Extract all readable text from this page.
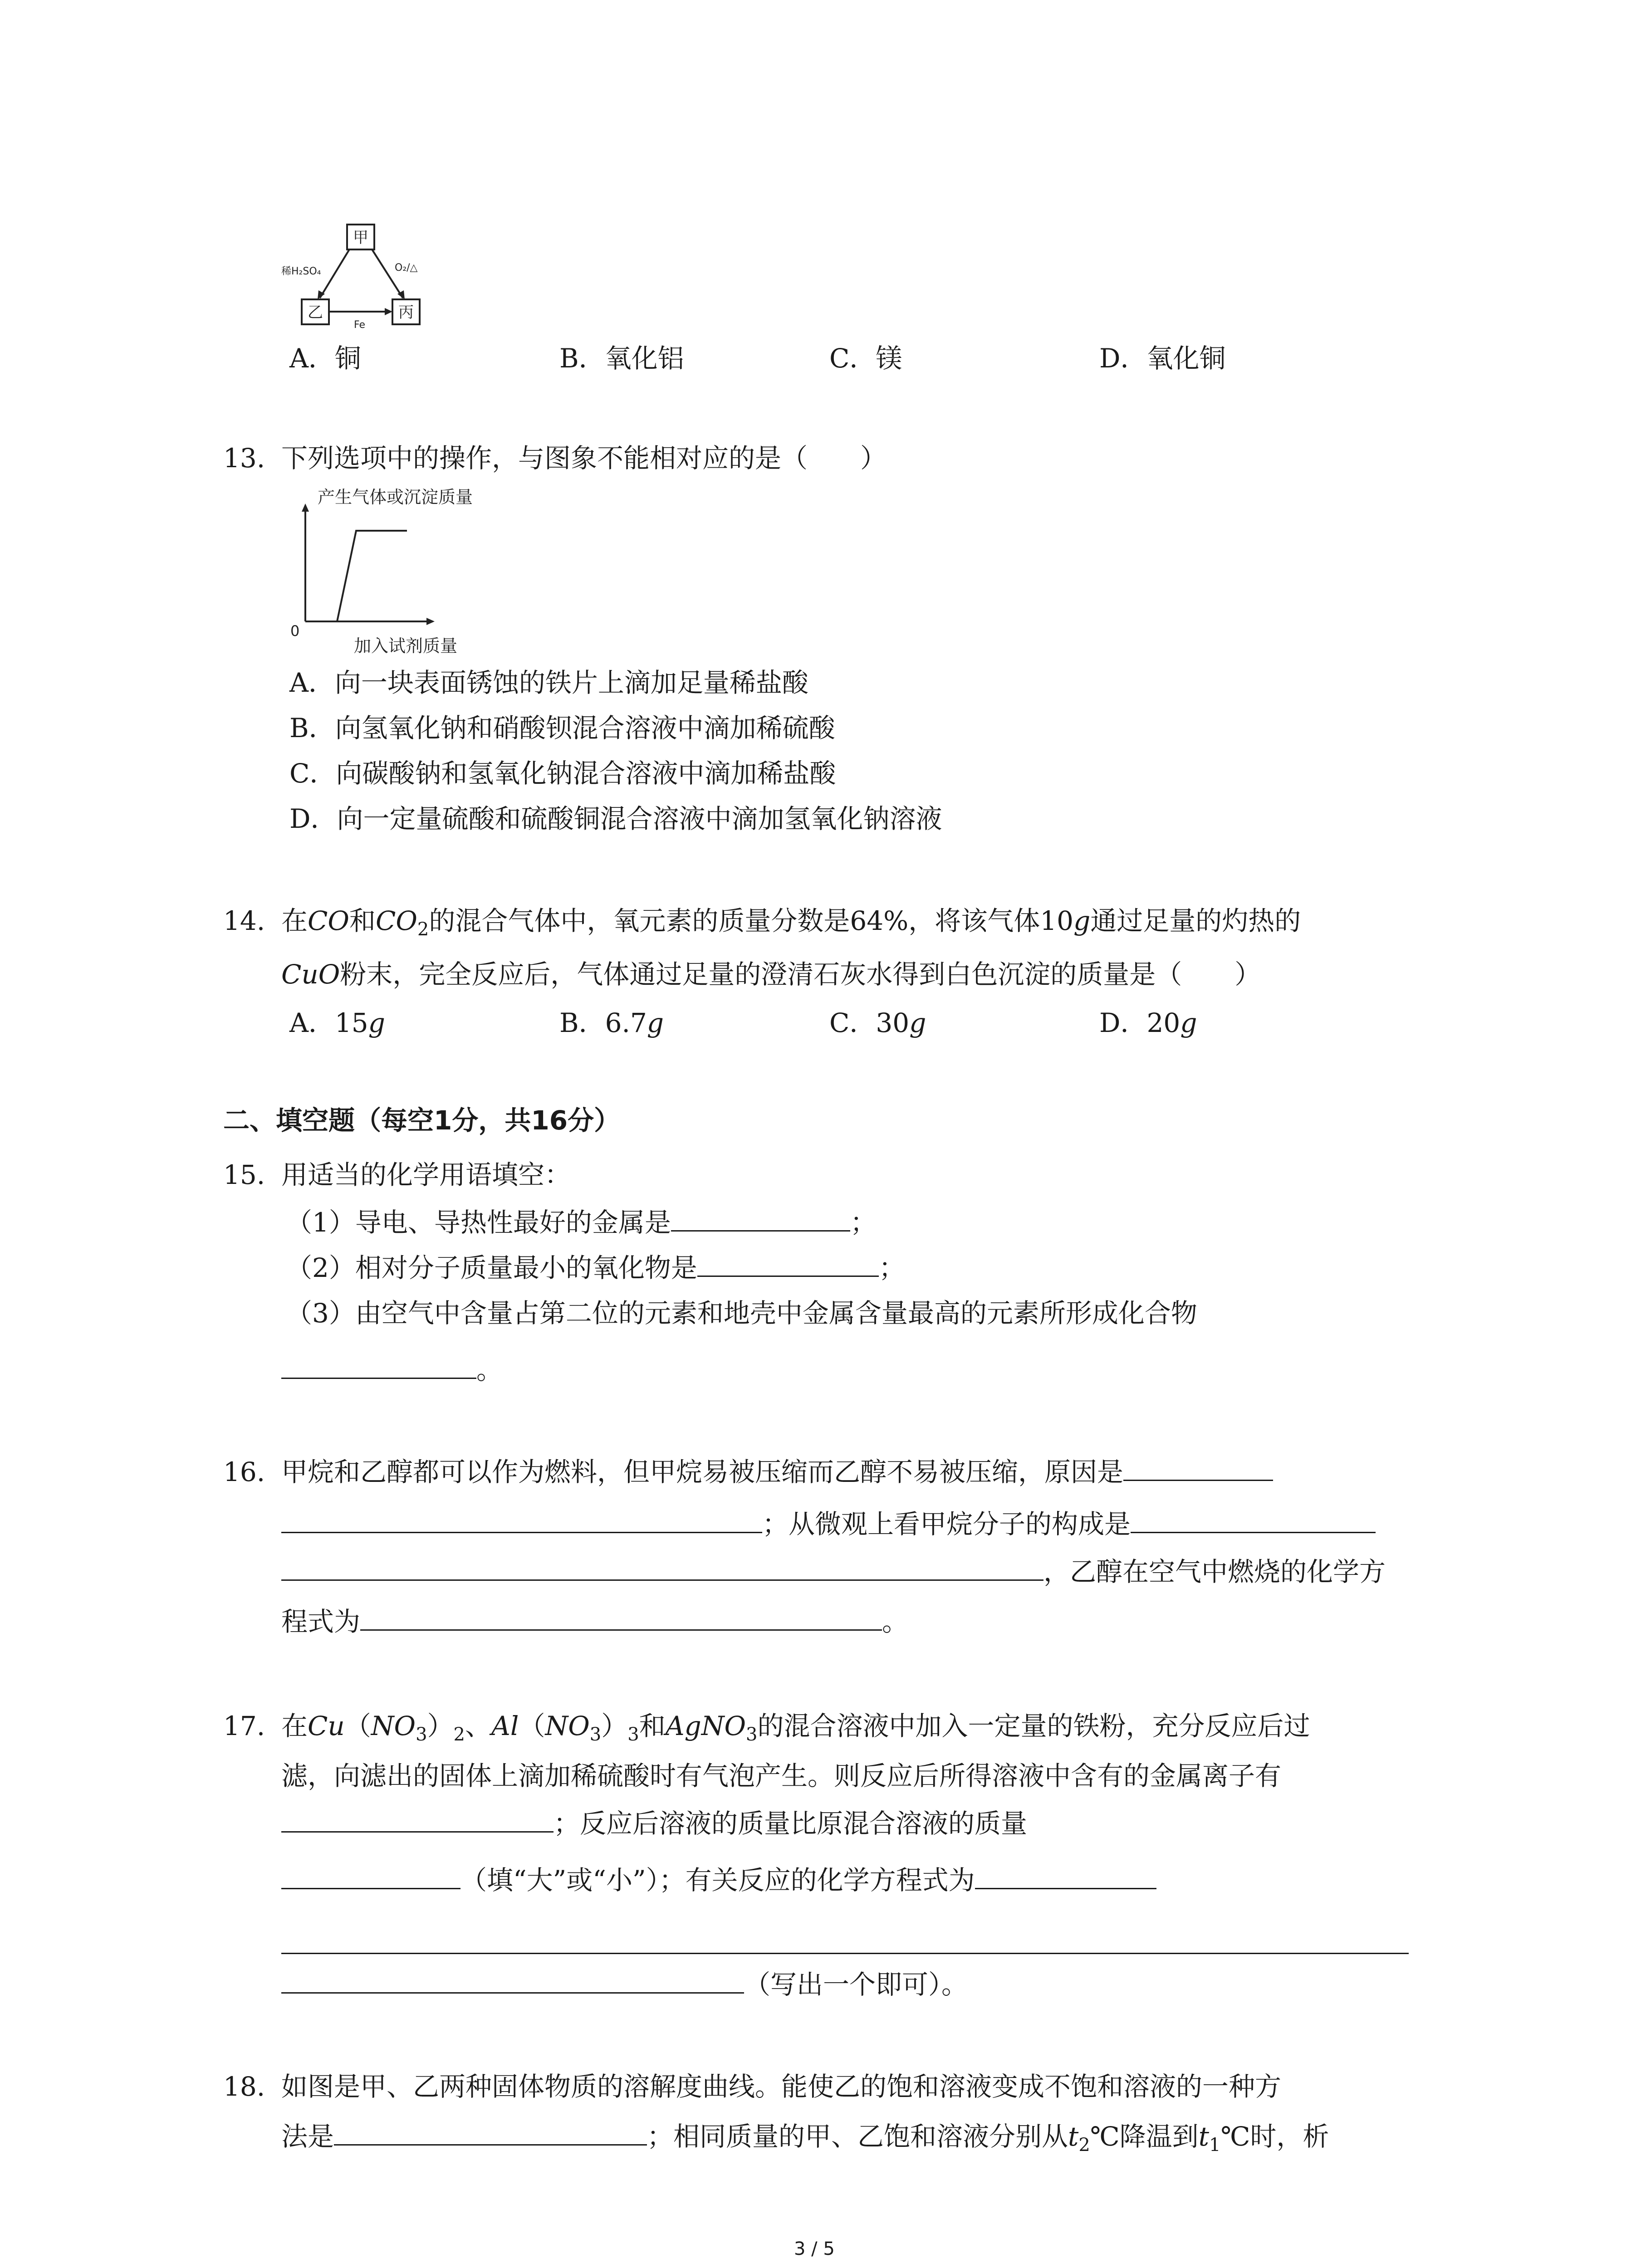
甲
乙	丙
稀H₂SO₄	O₂/△
Fe
A．铜	B．氧化铝	C．镁	D．氧化铜
13. 下列选项中的操作，与图象不能相对应的是（　　）
产生气体或沉淀质量
0
加入试剂质量
A．向一块表面锈蚀的铁片上滴加足量稀盐酸
B．向氢氧化钠和硝酸钡混合溶液中滴加稀硫酸
C．向碳酸钠和氢氧化钠混合溶液中滴加稀盐酸
D．向一定量硫酸和硫酸铜混合溶液中滴加氢氧化钠溶液
14. 在CO和$CO_2$的混合气体中，氧元素的质量分数是64%，将该气体10g通过足量的灼热的
CuO粉末，完全反应后，气体通过足量的澄清石灰水得到白色沉淀的质量是（　　）
A．15g	B．6.7g	C．30g	D．20g
二、填空题（每空1分，共16分）
15. 用适当的化学用语填空：
（1）导电、导热性最好的金属是	；
（2）相对分子质量最小的氧化物是	；
（3）由空气中含量占第二位的元素和地壳中金属含量最高的元素所形成化合物
。
16. 甲烷和乙醇都可以作为燃料，但甲烷易被压缩而乙醇不易被压缩，原因是
；从微观上看甲烷分子的构成是
，乙醇在空气中燃烧的化学方
程式为	。
17. 在$Cu(NO_3)_2$、$Al(NO_3)_3$和AgNO$_3$的混合溶液中加入一定量的铁粉，充分反应后过
滤，向滤出的固体上滴加稀硫酸时有气泡产生。则反应后所得溶液中含有的金属离子有
；反应后溶液的质量比原混合溶液的质量
（填“大”或“小”）；有关反应的化学方程式为
（写出一个即可）。
18. 如图是甲、乙两种固体物质的溶解度曲线。能使乙的饱和溶液变成不饱和溶液的一种方
法是	；相同质量的甲、乙饱和溶液分别从$t_2℃$降温到$t_1℃$时，析
3 / 5
